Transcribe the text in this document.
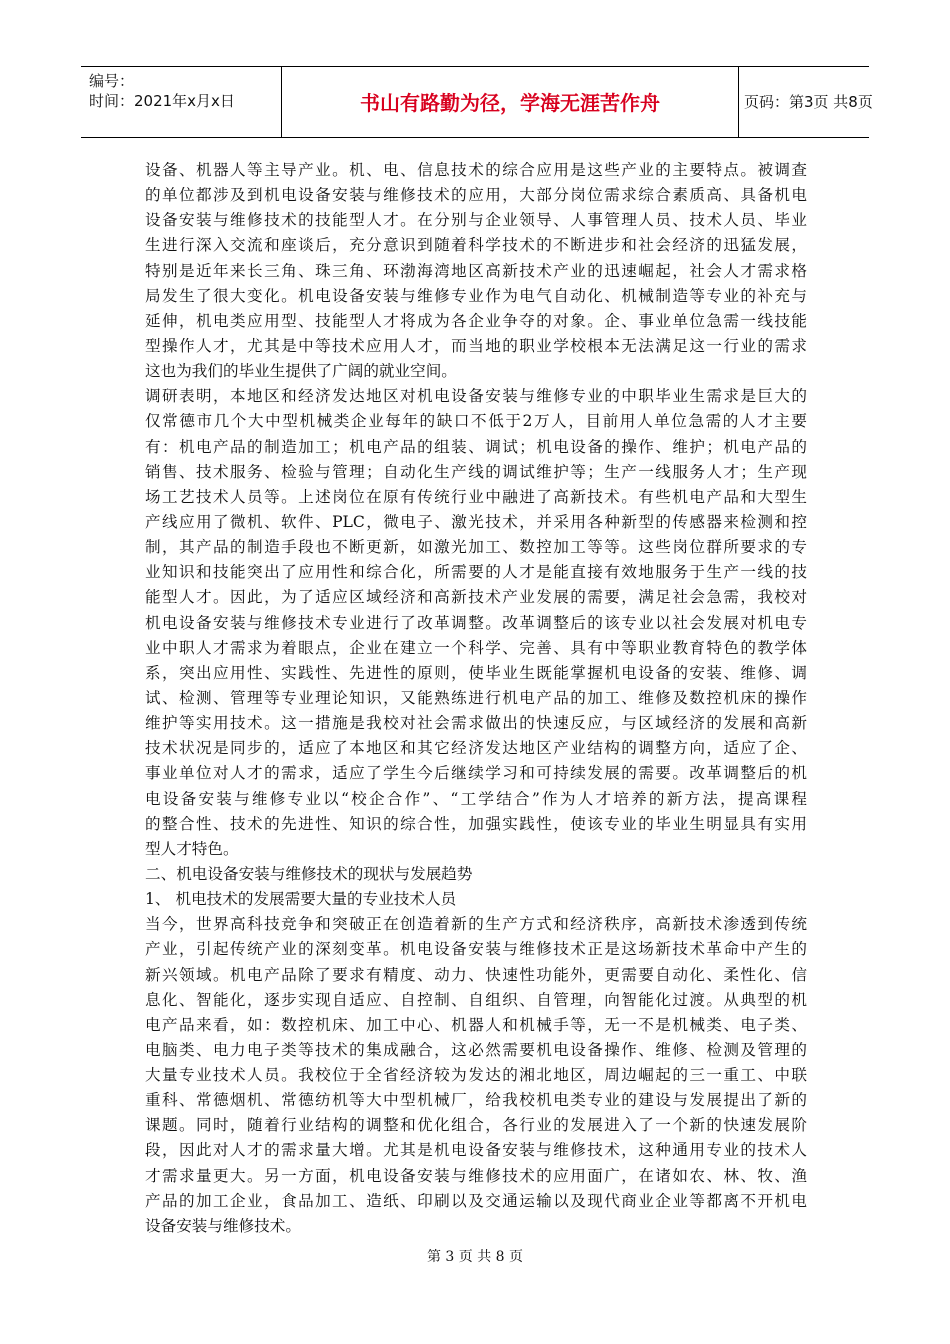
编号：
时间：2021年x月x日	书山有路勤为径，学海无涯苦作舟	页码：第3页 共8页
设备、机器人等主导产业。机、电、信息技术的综合应用是这些产业的主要特点。被调查
的单位都涉及到机电设备安装与维修技术的应用，大部分岗位需求综合素质高、具备机电
设备安装与维修技术的技能型人才。在分别与企业领导、人事管理人员、技术人员、毕业
生进行深入交流和座谈后，充分意识到随着科学技术的不断进步和社会经济的迅猛发展，
特别是近年来长三角、珠三角、环渤海湾地区高新技术产业的迅速崛起，社会人才需求格
局发生了很大变化。机电设备安装与维修专业作为电气自动化、机械制造等专业的补充与
延伸，机电类应用型、技能型人才将成为各企业争夺的对象。企、事业单位急需一线技能
型操作人才，尤其是中等技术应用人才，而当地的职业学校根本无法满足这一行业的需求
这也为我们的毕业生提供了广阔的就业空间。
调研表明，本地区和经济发达地区对机电设备安装与维修专业的中职毕业生需求是巨大的
仅常德市几个大中型机械类企业每年的缺口不低于2万人，目前用人单位急需的人才主要
有：机电产品的制造加工；机电产品的组装、调试；机电设备的操作、维护；机电产品的
销售、技术服务、检验与管理；自动化生产线的调试维护等；生产一线服务人才；生产现
场工艺技术人员等。上述岗位在原有传统行业中融进了高新技术。有些机电产品和大型生
产线应用了微机、软件、PLC，微电子、激光技术，并采用各种新型的传感器来检测和控
制，其产品的制造手段也不断更新，如激光加工、数控加工等等。这些岗位群所要求的专
业知识和技能突出了应用性和综合化，所需要的人才是能直接有效地服务于生产一线的技
能型人才。因此，为了适应区域经济和高新技术产业发展的需要，满足社会急需，我校对
机电设备安装与维修技术专业进行了改革调整。改革调整后的该专业以社会发展对机电专
业中职人才需求为着眼点，企业在建立一个科学、完善、具有中等职业教育特色的教学体
系，突出应用性、实践性、先进性的原则，使毕业生既能掌握机电设备的安装、维修、调
试、检测、管理等专业理论知识，又能熟练进行机电产品的加工、维修及数控机床的操作
维护等实用技术。这一措施是我校对社会需求做出的快速反应，与区域经济的发展和高新
技术状况是同步的，适应了本地区和其它经济发达地区产业结构的调整方向，适应了企、
事业单位对人才的需求，适应了学生今后继续学习和可持续发展的需要。改革调整后的机
电设备安装与维修专业以“校企合作”、“工学结合”作为人才培养的新方法，提高课程
的整合性、技术的先进性、知识的综合性，加强实践性，使该专业的毕业生明显具有实用
型人才特色。
二、机电设备安装与维修技术的现状与发展趋势
1、 机电技术的发展需要大量的专业技术人员
当今，世界高科技竞争和突破正在创造着新的生产方式和经济秩序，高新技术渗透到传统
产业，引起传统产业的深刻变革。机电设备安装与维修技术正是这场新技术革命中产生的
新兴领域。机电产品除了要求有精度、动力、快速性功能外，更需要自动化、柔性化、信
息化、智能化，逐步实现自适应、自控制、自组织、自管理，向智能化过渡。从典型的机
电产品来看，如：数控机床、加工中心、机器人和机械手等，无一不是机械类、电子类、
电脑类、电力电子类等技术的集成融合，这必然需要机电设备操作、维修、检测及管理的
大量专业技术人员。我校位于全省经济较为发达的湘北地区，周边崛起的三一重工、中联
重科、常德烟机、常德纺机等大中型机械厂，给我校机电类专业的建设与发展提出了新的
课题。同时，随着行业结构的调整和优化组合，各行业的发展进入了一个新的快速发展阶
段，因此对人才的需求量大增。尤其是机电设备安装与维修技术，这种通用专业的技术人
才需求量更大。另一方面，机电设备安装与维修技术的应用面广，在诸如农、林、牧、渔
产品的加工企业，食品加工、造纸、印刷以及交通运输以及现代商业企业等都离不开机电
设备安装与维修技术。
第 3 页 共 8 页
